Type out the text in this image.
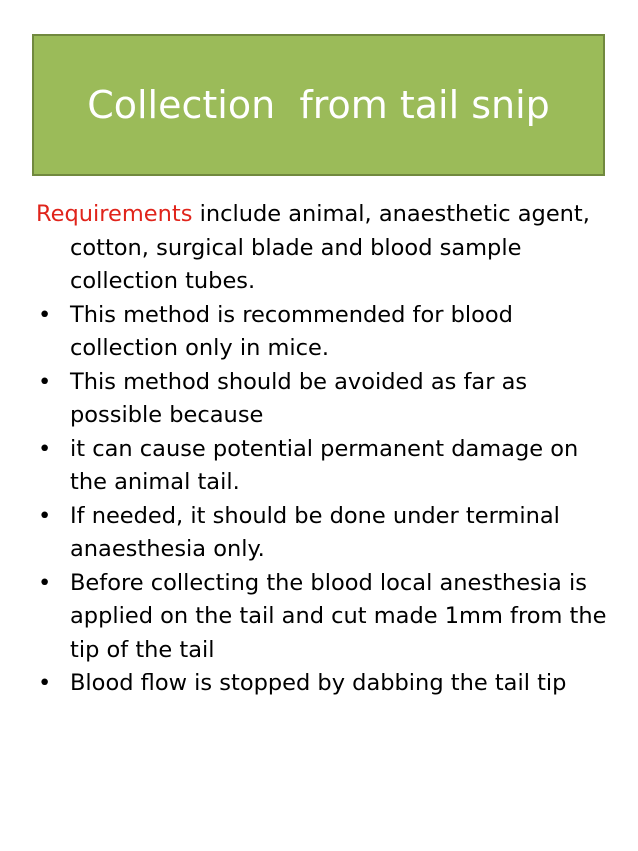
Collection  from tail snip

Requirements include animal, anaesthetic agent, cotton, surgical blade and blood sample collection tubes.

• This method is recommended for blood collection only in mice.
• This method should be avoided as far as possible because
• it can cause potential permanent damage on the animal tail.
• If needed, it should be done under terminal anaesthesia only.
• Before collecting the blood local anesthesia is applied on the tail and cut made 1mm from the tip of the tail
• Blood flow is stopped by dabbing the tail tip
